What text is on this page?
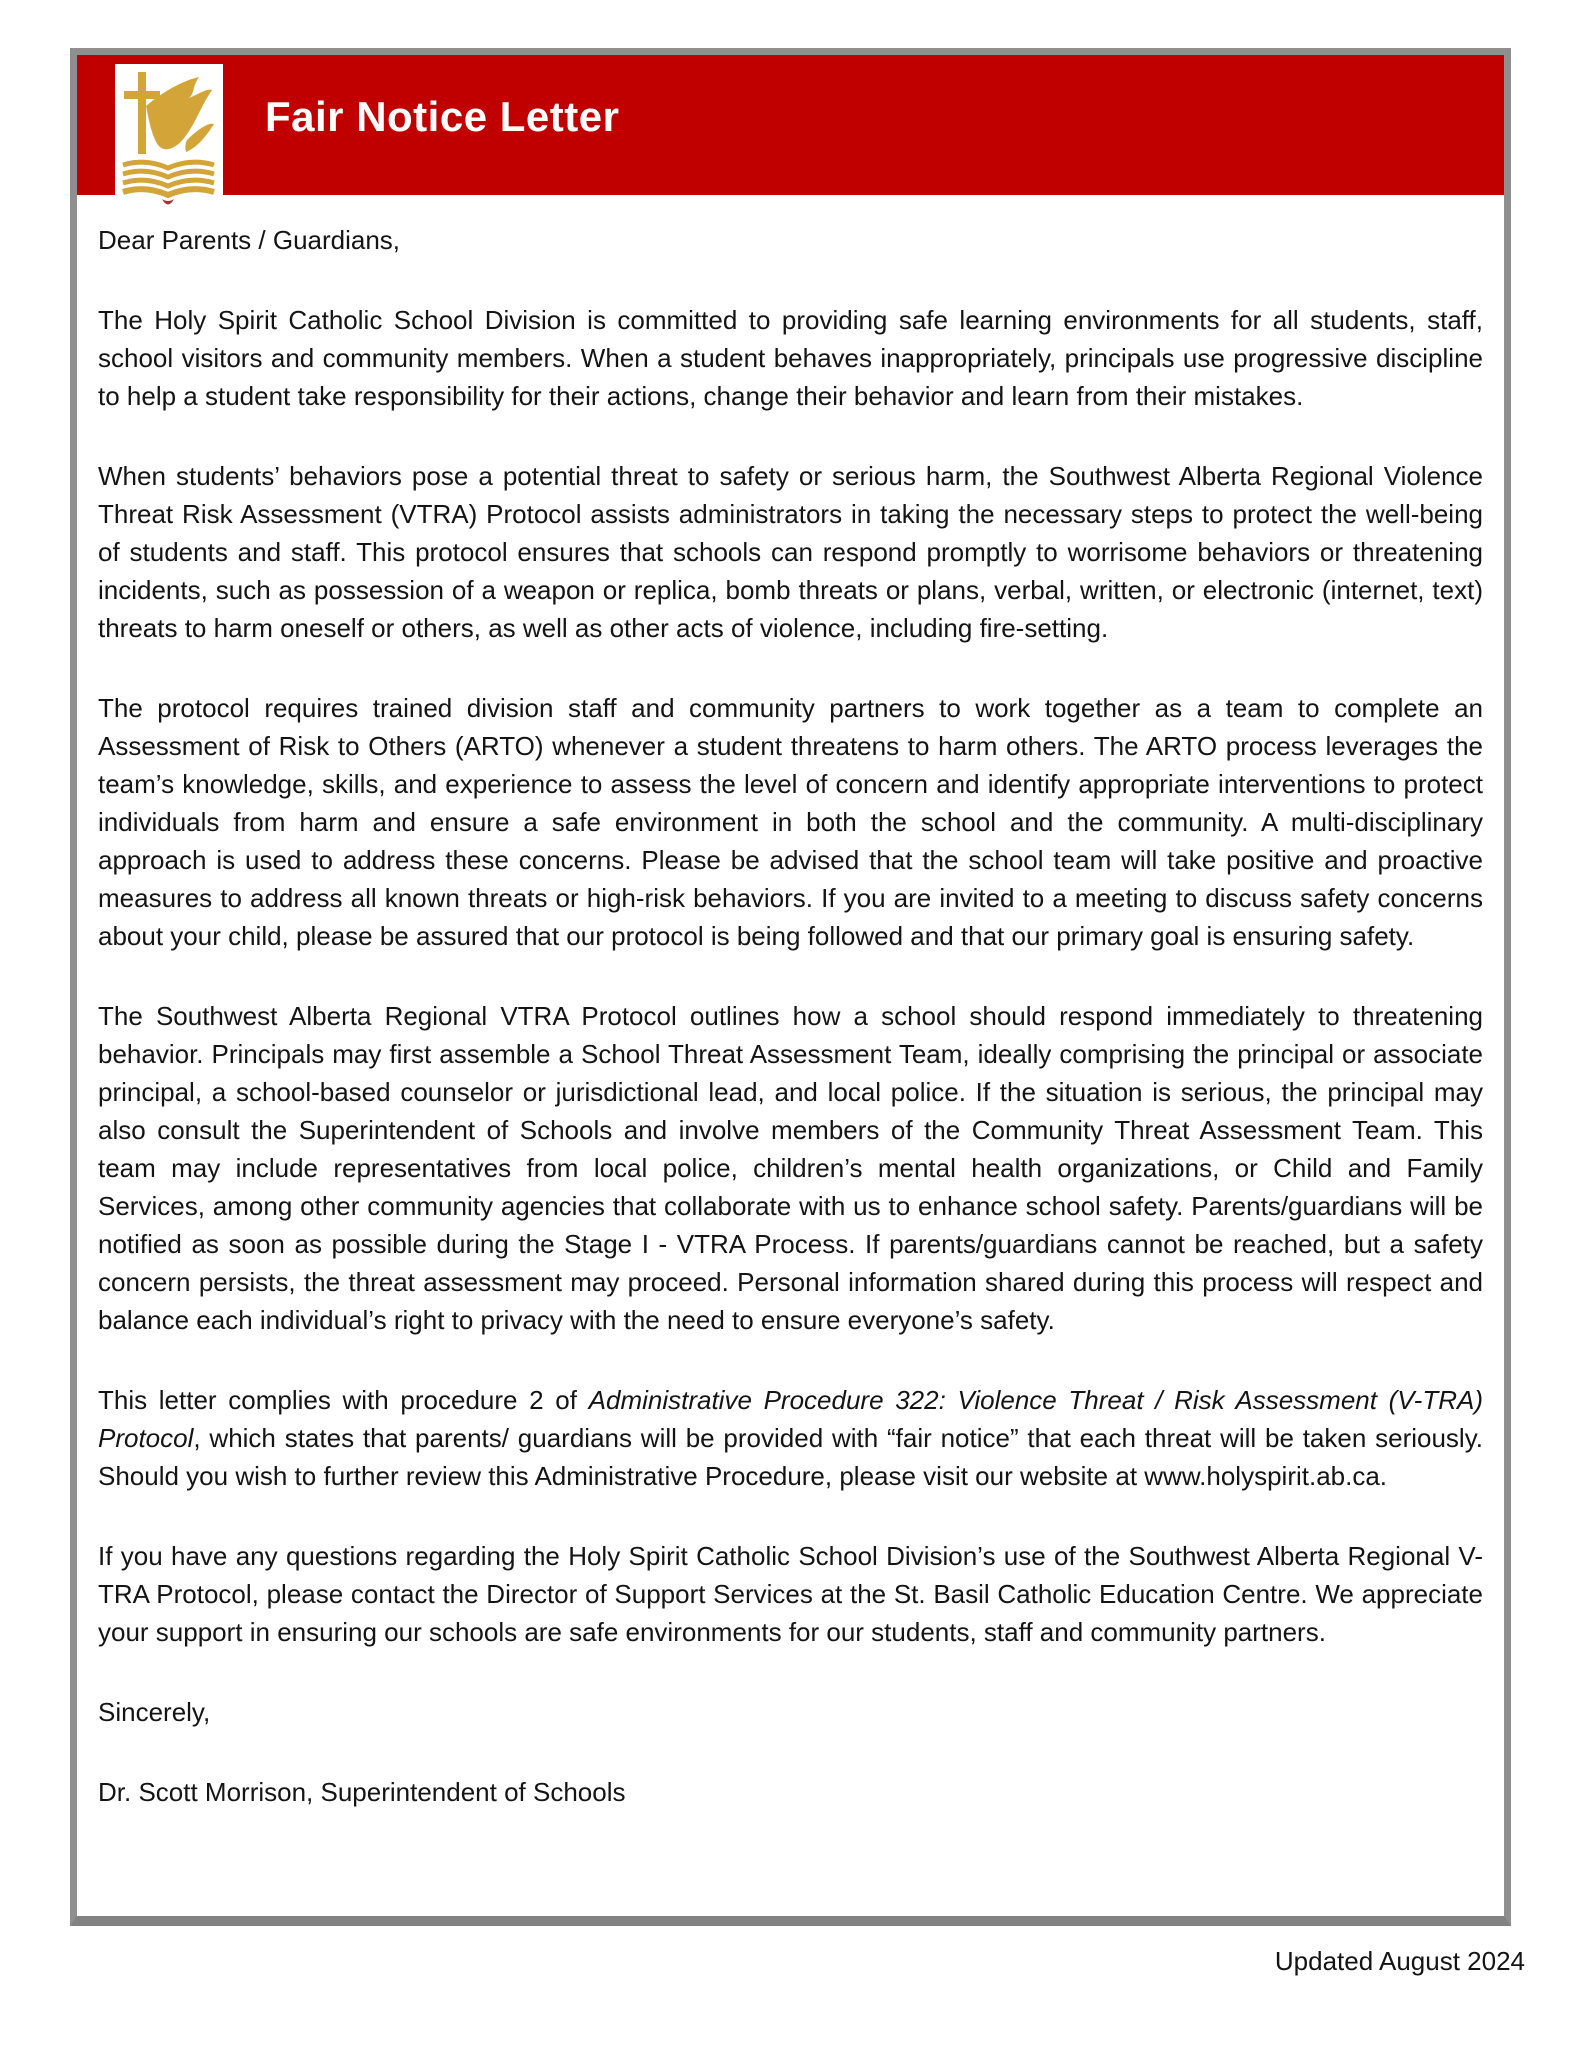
Fair Notice Letter

Dear Parents / Guardians,

The Holy Spirit Catholic School Division is committed to providing safe learning environments for all students, staff, school visitors and community members. When a student behaves inappropriately, principals use progressive discipline to help a student take responsibility for their actions, change their behavior and learn from their mistakes.

When students’ behaviors pose a potential threat to safety or serious harm, the Southwest Alberta Regional Violence Threat Risk Assessment (VTRA) Protocol assists administrators in taking the necessary steps to protect the well-being of students and staff. This protocol ensures that schools can respond promptly to worrisome behaviors or threatening incidents, such as possession of a weapon or replica, bomb threats or plans, verbal, written, or electronic (internet, text) threats to harm oneself or others, as well as other acts of violence, including fire-setting.

The protocol requires trained division staff and community partners to work together as a team to complete an Assessment of Risk to Others (ARTO) whenever a student threatens to harm others. The ARTO process leverages the team’s knowledge, skills, and experience to assess the level of concern and identify appropriate interventions to protect individuals from harm and ensure a safe environment in both the school and the community. A multi-disciplinary approach is used to address these concerns. Please be advised that the school team will take positive and proactive measures to address all known threats or high-risk behaviors. If you are invited to a meeting to discuss safety concerns about your child, please be assured that our protocol is being followed and that our primary goal is ensuring safety.

The Southwest Alberta Regional VTRA Protocol outlines how a school should respond immediately to threatening behavior. Principals may first assemble a School Threat Assessment Team, ideally comprising the principal or associate principal, a school-based counselor or jurisdictional lead, and local police. If the situation is serious, the principal may also consult the Superintendent of Schools and involve members of the Community Threat Assessment Team. This team may include representatives from local police, children’s mental health organizations, or Child and Family Services, among other community agencies that collaborate with us to enhance school safety. Parents/guardians will be notified as soon as possible during the Stage I - VTRA Process. If parents/guardians cannot be reached, but a safety concern persists, the threat assessment may proceed. Personal information shared during this process will respect and balance each individual’s right to privacy with the need to ensure everyone’s safety.

This letter complies with procedure 2 of Administrative Procedure 322: Violence Threat / Risk Assessment (V-TRA) Protocol, which states that parents/ guardians will be provided with “fair notice” that each threat will be taken seriously. Should you wish to further review this Administrative Procedure, please visit our website at www.holyspirit.ab.ca.

If you have any questions regarding the Holy Spirit Catholic School Division’s use of the Southwest Alberta Regional V-TRA Protocol, please contact the Director of Support Services at the St. Basil Catholic Education Centre. We appreciate your support in ensuring our schools are safe environments for our students, staff and community partners.

Sincerely,

Dr. Scott Morrison, Superintendent of Schools

Updated August 2024
